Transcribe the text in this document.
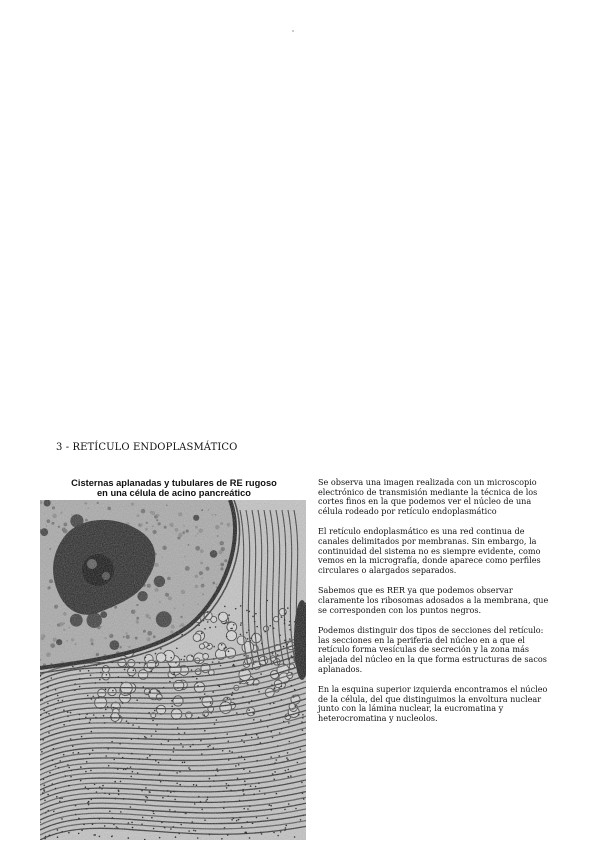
3 - RETÍCULO ENDOPLASMÁTICO
Cisternas aplanadas y tubulares de RE rugoso
en una célula de acino pancreático

Se observa una imagen realizada con un microscopio electrónico de transmisión mediante la técnica de los cortes finos en la que podemos ver el núcleo de una célula rodeado por retículo endoplasmático

El retículo endoplasmático es una red continua de canales delimitados por membranas. Sin embargo, la continuidad del sistema no es siempre evidente, como vemos en la micrografía, donde aparece como perfiles circulares o alargados separados.

Sabemos que es RER ya que podemos observar claramente los ribosomas adosados a la membrana, que se corresponden con los puntos negros.

Podemos distinguir dos tipos de secciones del retículo: las secciones en la periferia del núcleo en a que el retículo forma vesículas de secreción y la zona más alejada del núcleo en la que forma estructuras de sacos aplanados.

En la esquina superior izquierda encontramos el núcleo de la célula, del que distinguimos la envoltura nuclear junto con la lámina nuclear, la eucromatina y heterocromatina y nucleolos.
